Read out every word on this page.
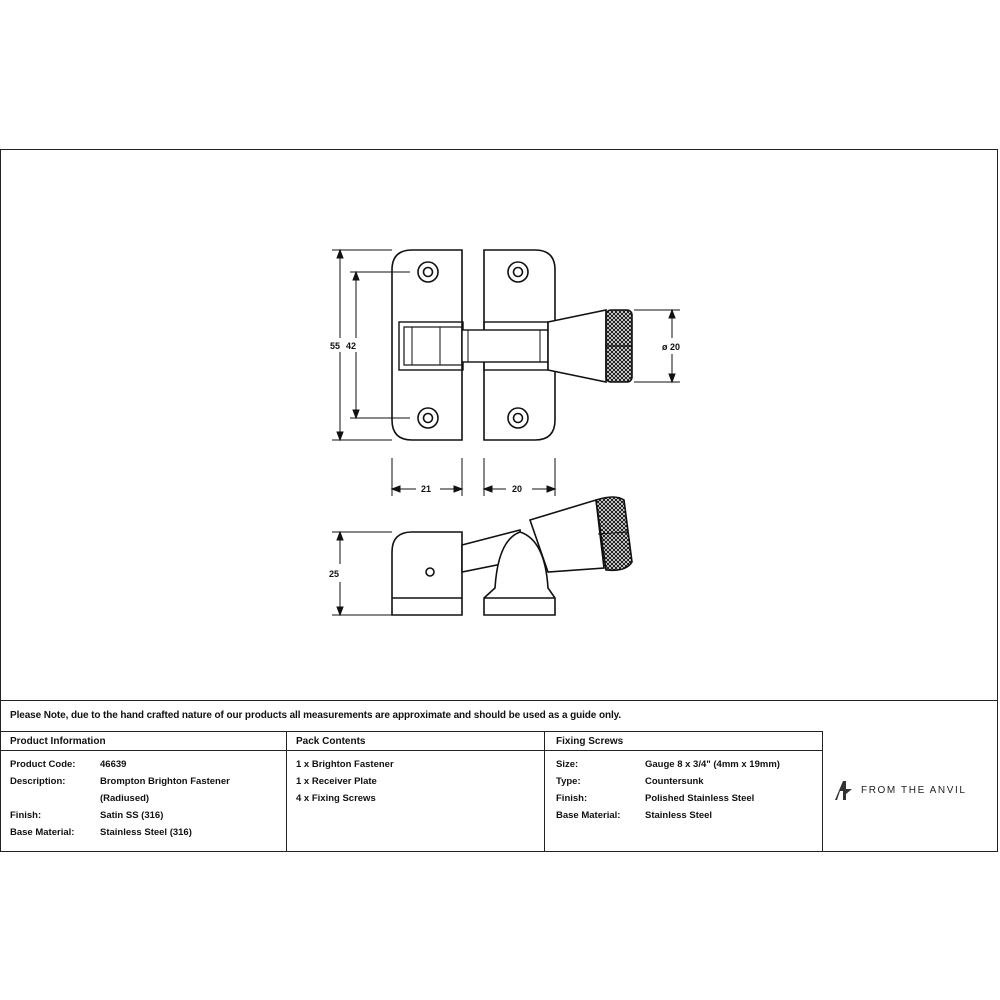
55 42	ø 20
21	20
25
Please Note, due to the hand crafted nature of our products all measurements are approximate and should be used as a guide only.
Product Information
Product Code:	46639
Description:	Brompton Brighton Fastener
(Radiused)
Finish:	Satin SS (316)
Base Material:	Stainless Steel (316)
Pack Contents
1 x Brighton Fastener
1 x Receiver Plate
4 x Fixing Screws
Fixing Screws
Size:	Gauge 8 x 3/4" (4mm x 19mm)
Type:	Countersunk
Finish:	Polished Stainless Steel
Base Material:	Stainless Steel
FROM THE ANVIL
